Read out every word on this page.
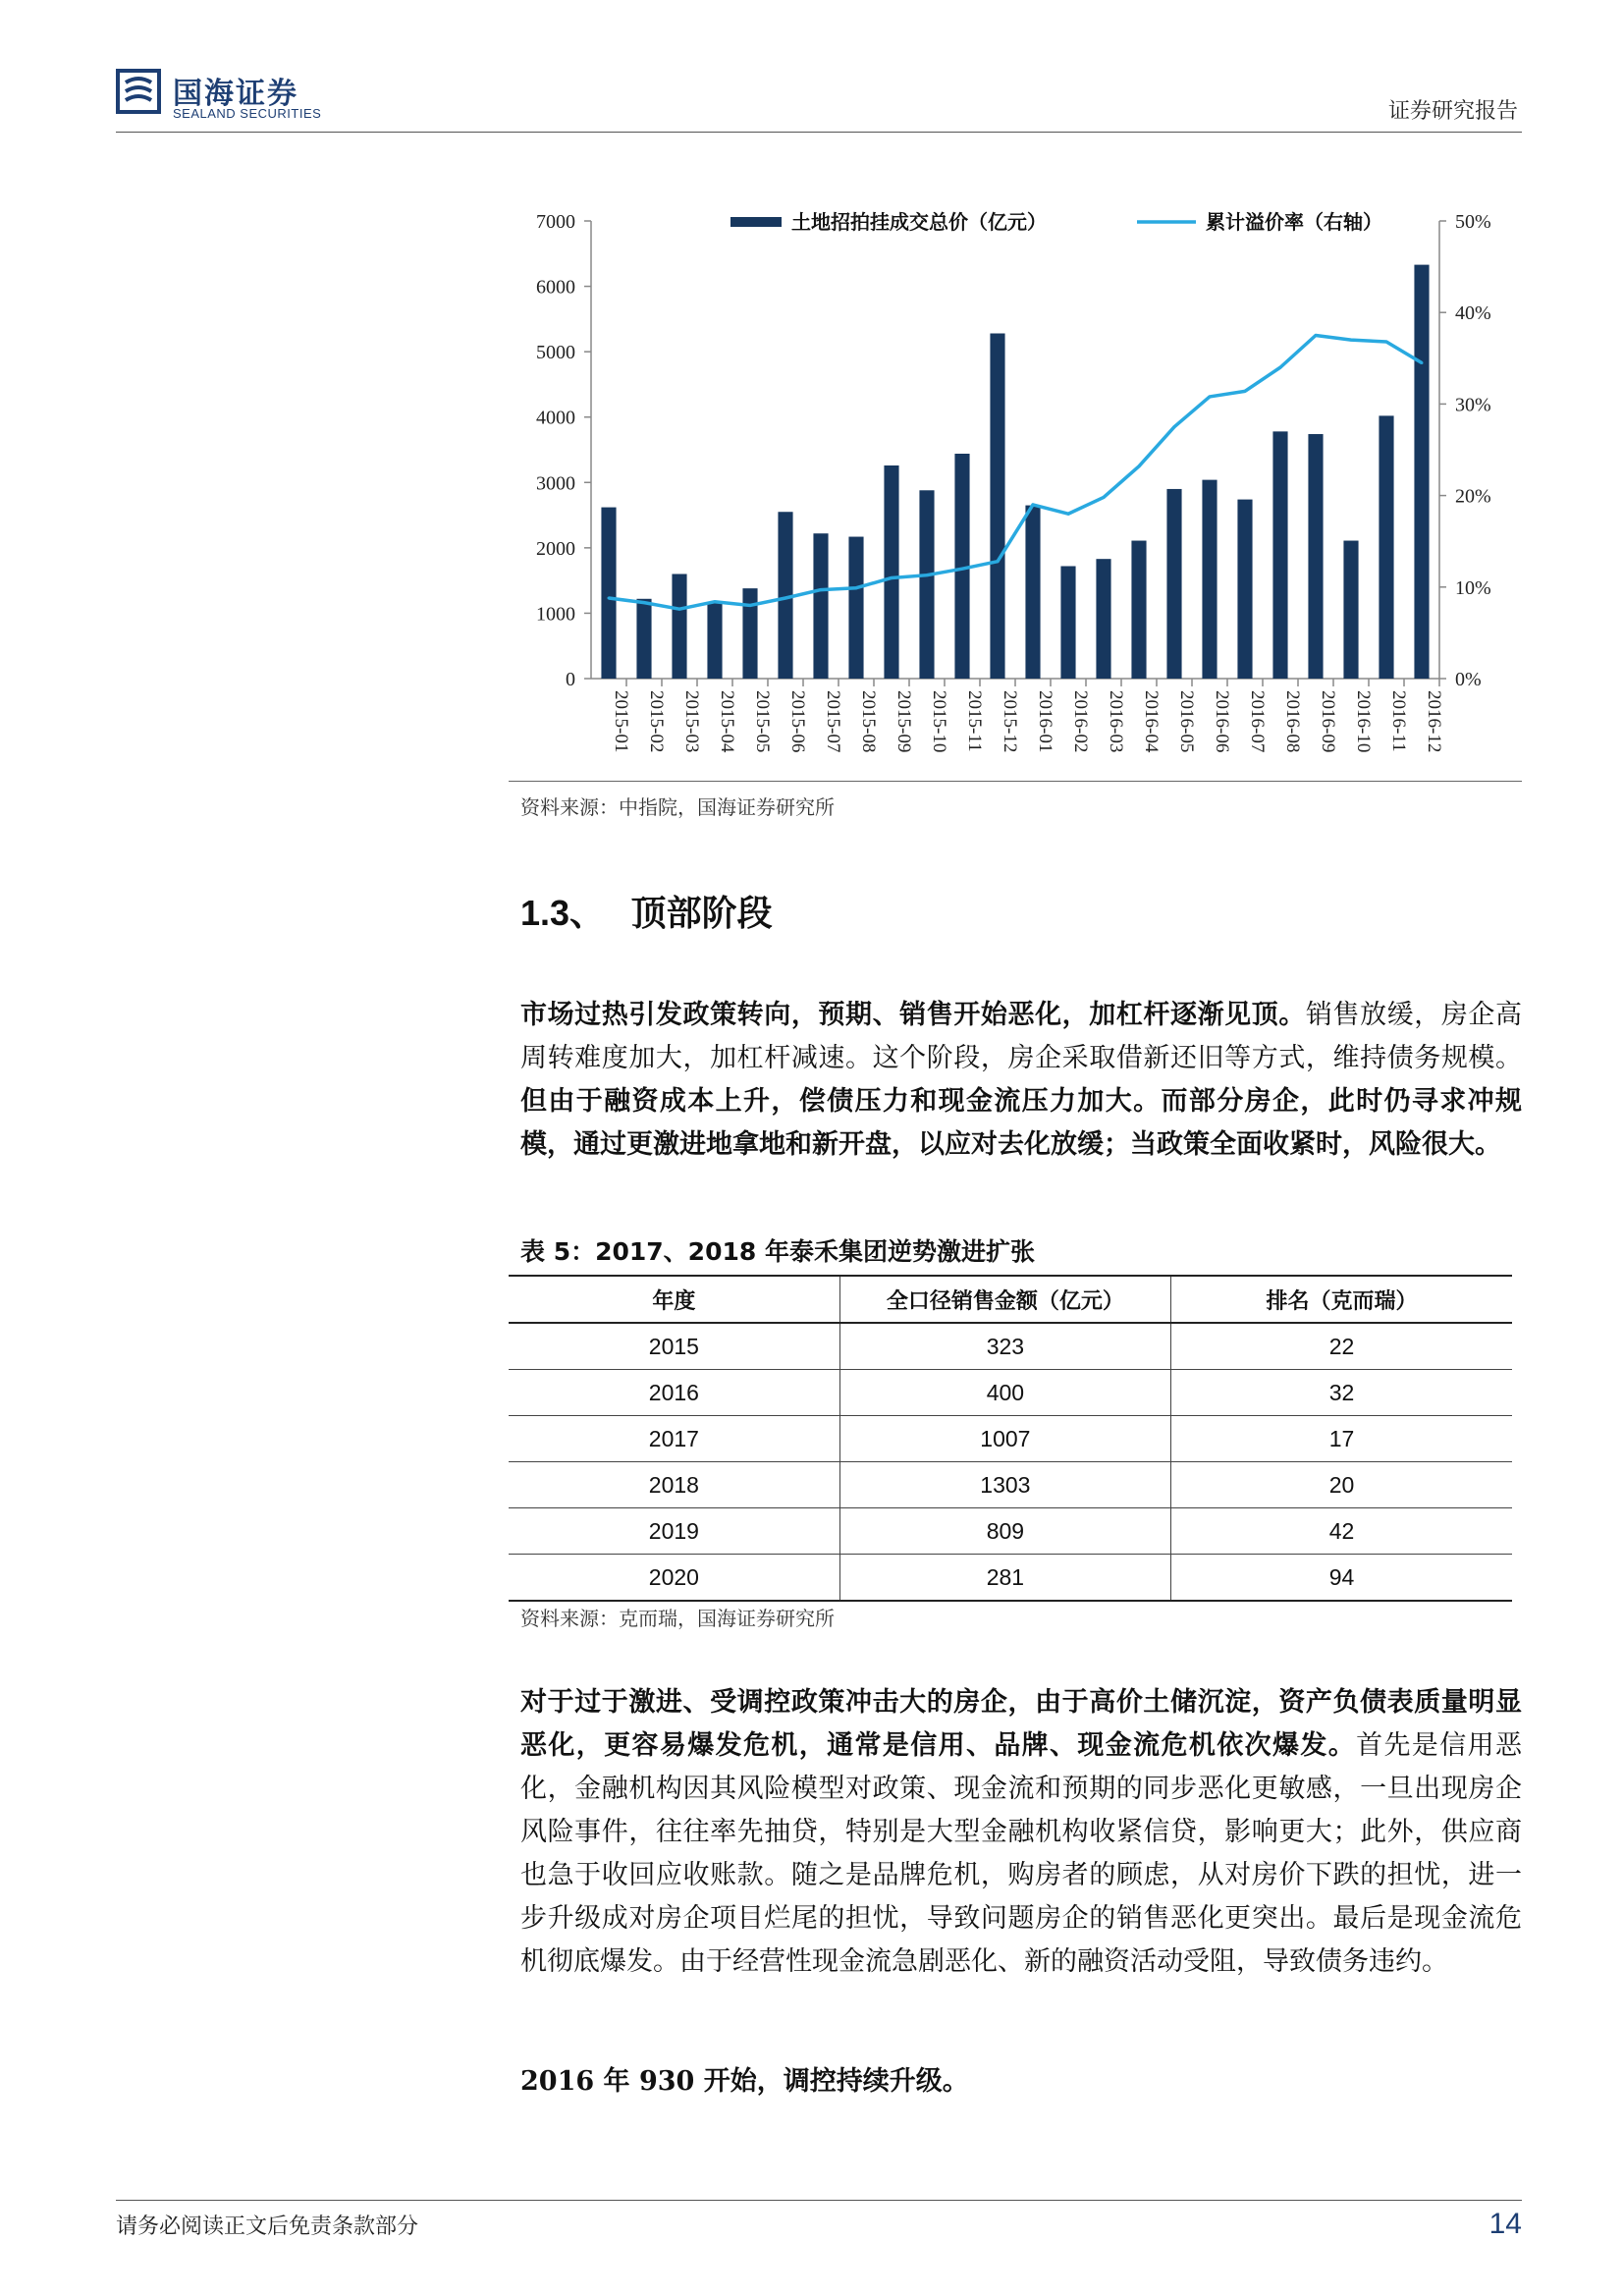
国海证券
SEALAND SECURITIES	证券研究报告
0
1000
2000
3000
4000
5000
6000
7000
0%
10%
20%
30%
40%
50%
2015-01 2015-02 2015-03 2015-04 2015-05 2015-06 2015-07 2015-08 2015-09 2015-10 2015-11 2015-12 2016-01 2016-02 2016-03 2016-04 2016-05 2016-06 2016-07 2016-08 2016-09 2016-10 2016-11 2016-12
土地招拍挂成交总价（亿元）	累计溢价率（右轴）
资料来源：中指院，国海证券研究所
1.3、 顶部阶段
市场过热引发政策转向，预期、销售开始恶化，加杠杆逐渐见顶。销售放缓，房企高周转难度加大，加杠杆减速。这个阶段，房企采取借新还旧等方式，维持债务规模。但由于融资成本上升，偿债压力和现金流压力加大。而部分房企，此时仍寻求冲规模，通过更激进地拿地和新开盘，以应对去化放缓；当政策全面收紧时，风险很大。
表 5：2017、2018 年泰禾集团逆势激进扩张
年度	全口径销售金额（亿元）	排名（克而瑞）
2015	323	22
2016	400	32
2017	1007	17
2018	1303	20
2019	809	42
2020	281	94
资料来源：克而瑞，国海证券研究所
对于过于激进、受调控政策冲击大的房企，由于高价土储沉淀，资产负债表质量明显恶化，更容易爆发危机，通常是信用、品牌、现金流危机依次爆发。首先是信用恶化，金融机构因其风险模型对政策、现金流和预期的同步恶化更敏感，一旦出现房企风险事件，往往率先抽贷，特别是大型金融机构收紧信贷，影响更大；此外，供应商也急于收回应收账款。随之是品牌危机，购房者的顾虑，从对房价下跌的担忧，进一步升级成对房企项目烂尾的担忧，导致问题房企的销售恶化更突出。最后是现金流危机彻底爆发。由于经营性现金流急剧恶化、新的融资活动受阻，导致债务违约。
2016 年 930 开始，调控持续升级。
请务必阅读正文后免责条款部分	14
